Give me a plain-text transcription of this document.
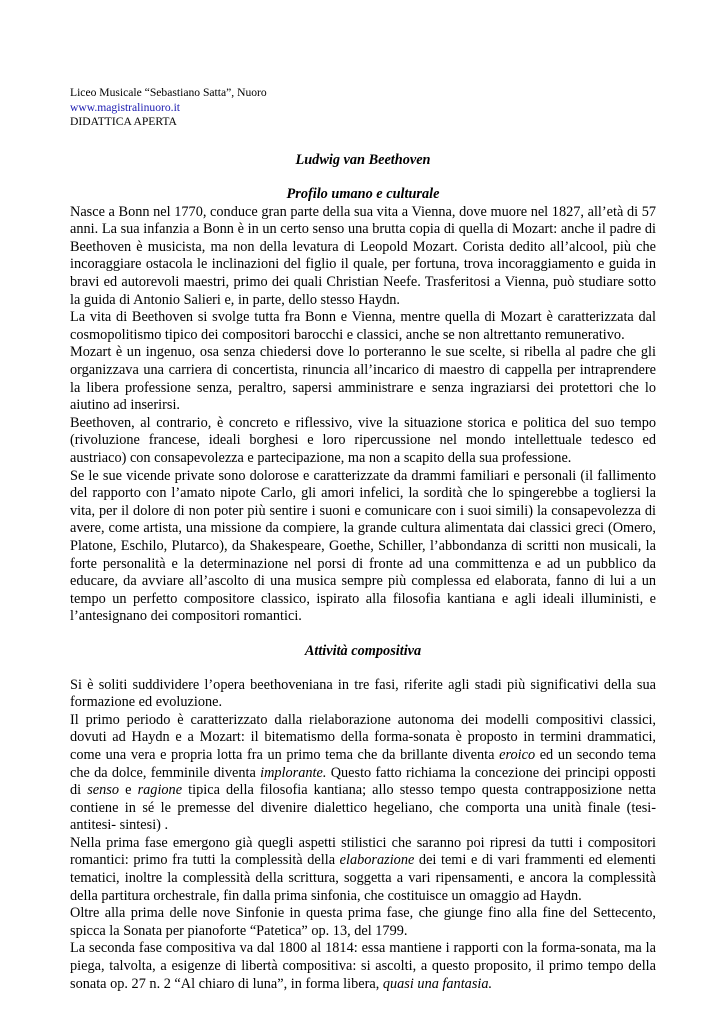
Liceo Musicale “Sebastiano Satta”, Nuoro
www.magistralinuoro.it
DIDATTICA APERTA
Ludwig van Beethoven
Profilo umano e culturale

Nasce a Bonn nel 1770, conduce gran parte della sua vita a Vienna, dove muore nel 1827, all’età di 57 anni. La sua infanzia a Bonn è in un certo senso una brutta copia di quella di Mozart: anche il padre di Beethoven è musicista, ma non della levatura di Leopold Mozart. Corista dedito all’alcool, più che incoraggiare ostacola le inclinazioni del figlio il quale, per fortuna, trova incoraggiamento e guida in bravi ed autorevoli maestri, primo dei quali Christian Neefe. Trasferitosi a Vienna, può studiare sotto la guida di Antonio Salieri e, in parte, dello stesso Haydn.

La vita di Beethoven si svolge tutta fra Bonn e Vienna, mentre quella di Mozart è caratterizzata dal cosmopolitismo tipico dei compositori barocchi e classici, anche se non altrettanto remunerativo.

Mozart è un ingenuo, osa senza chiedersi dove lo porteranno le sue scelte, si ribella al padre che gli organizzava una carriera di concertista, rinuncia all’incarico di maestro di cappella per intraprendere la libera professione senza, peraltro, sapersi amministrare e senza ingraziarsi dei protettori che lo aiutino ad inserirsi.

Beethoven, al contrario, è concreto e riflessivo, vive la situazione storica e politica del suo tempo (rivoluzione francese, ideali borghesi e loro ripercussione nel mondo intellettuale tedesco ed austriaco) con consapevolezza e partecipazione, ma non a scapito della sua professione.

Se le sue vicende private sono dolorose e caratterizzate da drammi familiari e personali (il fallimento del rapporto con l’amato nipote Carlo, gli amori infelici, la sordità che lo spingerebbe a togliersi la vita, per il dolore di non poter più sentire i suoni e comunicare con i suoi simili) la consapevolezza di avere, come artista, una missione da compiere, la grande cultura alimentata dai classici greci (Omero, Platone, Eschilo, Plutarco), da Shakespeare, Goethe, Schiller, l’abbondanza di scritti non musicali, la forte personalità e la determinazione nel porsi di fronte ad una committenza e ad un pubblico da educare, da avviare all’ascolto di una musica sempre più complessa ed elaborata, fanno di lui a un tempo un perfetto compositore classico, ispirato alla filosofia kantiana e agli ideali illuministi, e l’antesignano dei compositori romantici.

Attività compositiva

Si è soliti suddividere l’opera beethoveniana in tre fasi, riferite agli stadi più significativi della sua formazione ed evoluzione.

Il primo periodo è caratterizzato dalla rielaborazione autonoma dei modelli compositivi classici, dovuti ad Haydn e a Mozart: il bitematismo della forma-sonata è proposto in termini drammatici, come una vera e propria lotta fra un primo tema che da brillante diventa eroico ed un secondo tema che da dolce, femminile diventa implorante. Questo fatto richiama la concezione dei principi opposti di senso e ragione tipica della filosofia kantiana; allo stesso tempo questa contrapposizione netta contiene in sé le premesse del divenire dialettico hegeliano, che comporta una unità finale (tesi- antitesi- sintesi) .

Nella prima fase emergono già quegli aspetti stilistici che saranno poi ripresi da tutti i compositori romantici: primo fra tutti la complessità della elaborazione dei temi e di vari frammenti ed elementi tematici, inoltre la complessità della scrittura, soggetta a vari ripensamenti, e ancora la complessità della partitura orchestrale, fin dalla prima sinfonia, che costituisce un omaggio ad Haydn.

Oltre alla prima delle nove Sinfonie in questa prima fase, che giunge fino alla fine del Settecento, spicca la Sonata per pianoforte “Patetica” op. 13, del 1799.

La seconda fase compositiva va dal 1800 al 1814: essa mantiene i rapporti con la forma-sonata, ma la piega, talvolta, a esigenze di libertà compositiva: si ascolti, a questo proposito, il primo tempo della sonata op. 27 n. 2 “Al chiaro di luna”, in forma libera, quasi una fantasia.
